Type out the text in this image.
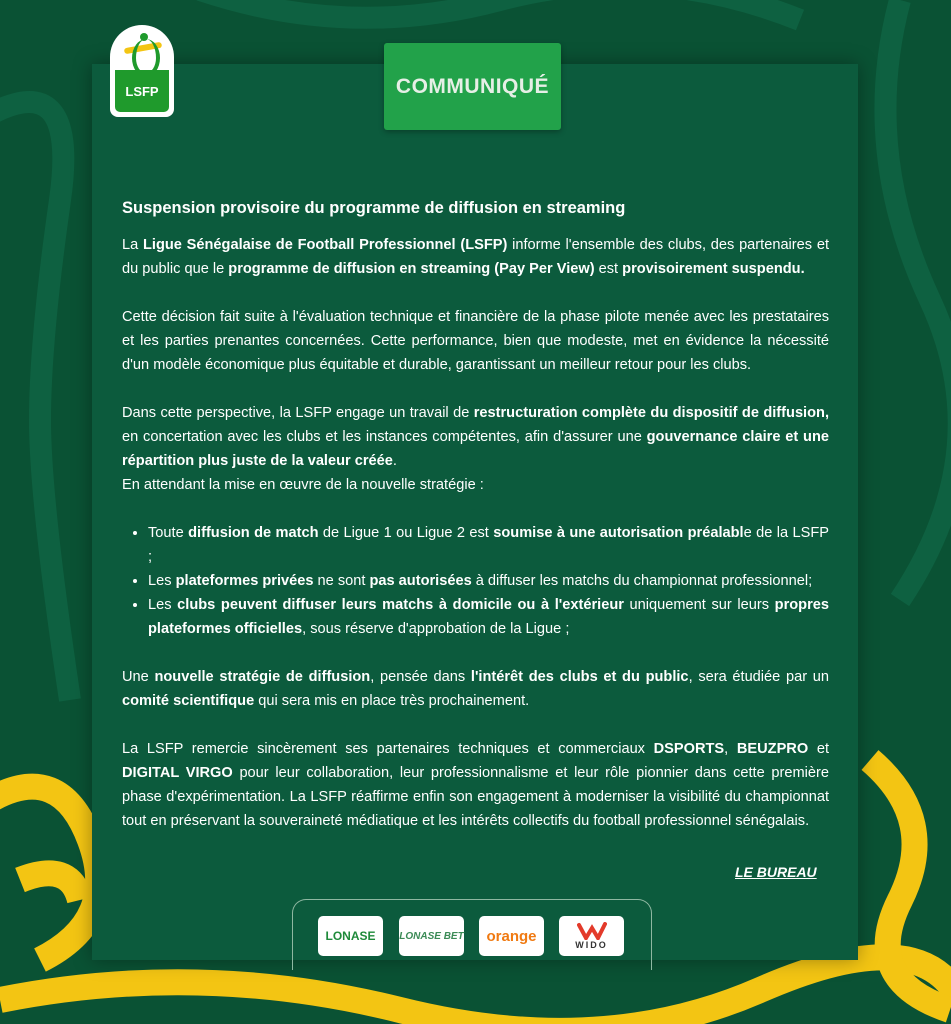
LSFP	COMMUNIQUÉ
Suspension provisoire du programme de diffusion en streaming

La Ligue Sénégalaise de Football Professionnel (LSFP) informe l'ensemble des clubs, des partenaires et du public que le programme de diffusion en streaming (Pay Per View) est provisoirement suspendu.

Cette décision fait suite à l'évaluation technique et financière de la phase pilote menée avec les prestataires et les parties prenantes concernées. Cette performance, bien que modeste, met en évidence la nécessité d'un modèle économique plus équitable et durable, garantissant un meilleur retour pour les clubs.

Dans cette perspective, la LSFP engage un travail de restructuration complète du dispositif de diffusion, en concertation avec les clubs et les instances compétentes, afin d'assurer une gouvernance claire et une répartition plus juste de la valeur créée.

En attendant la mise en œuvre de la nouvelle stratégie :

• Toute diffusion de match de Ligue 1 ou Ligue 2 est soumise à une autorisation préalable de la LSFP ;
• Les plateformes privées ne sont pas autorisées à diffuser les matchs du championnat professionnel;
• Les clubs peuvent diffuser leurs matchs à domicile ou à l'extérieur uniquement sur leurs propres plateformes officielles, sous réserve d'approbation de la Ligue ;

Une nouvelle stratégie de diffusion, pensée dans l'intérêt des clubs et du public, sera étudiée par un comité scientifique qui sera mis en place très prochainement.

La LSFP remercie sincèrement ses partenaires techniques et commerciaux DSPORTS, BEUZPRO et DIGITAL VIRGO pour leur collaboration, leur professionnalisme et leur rôle pionnier dans cette première phase d'expérimentation. La LSFP réaffirme enfin son engagement à moderniser la visibilité du championnat tout en préservant la souveraineté médiatique et les intérêts collectifs du football professionnel sénégalais.

LE BUREAU
LONASE LONASE BET orange
WIDO
